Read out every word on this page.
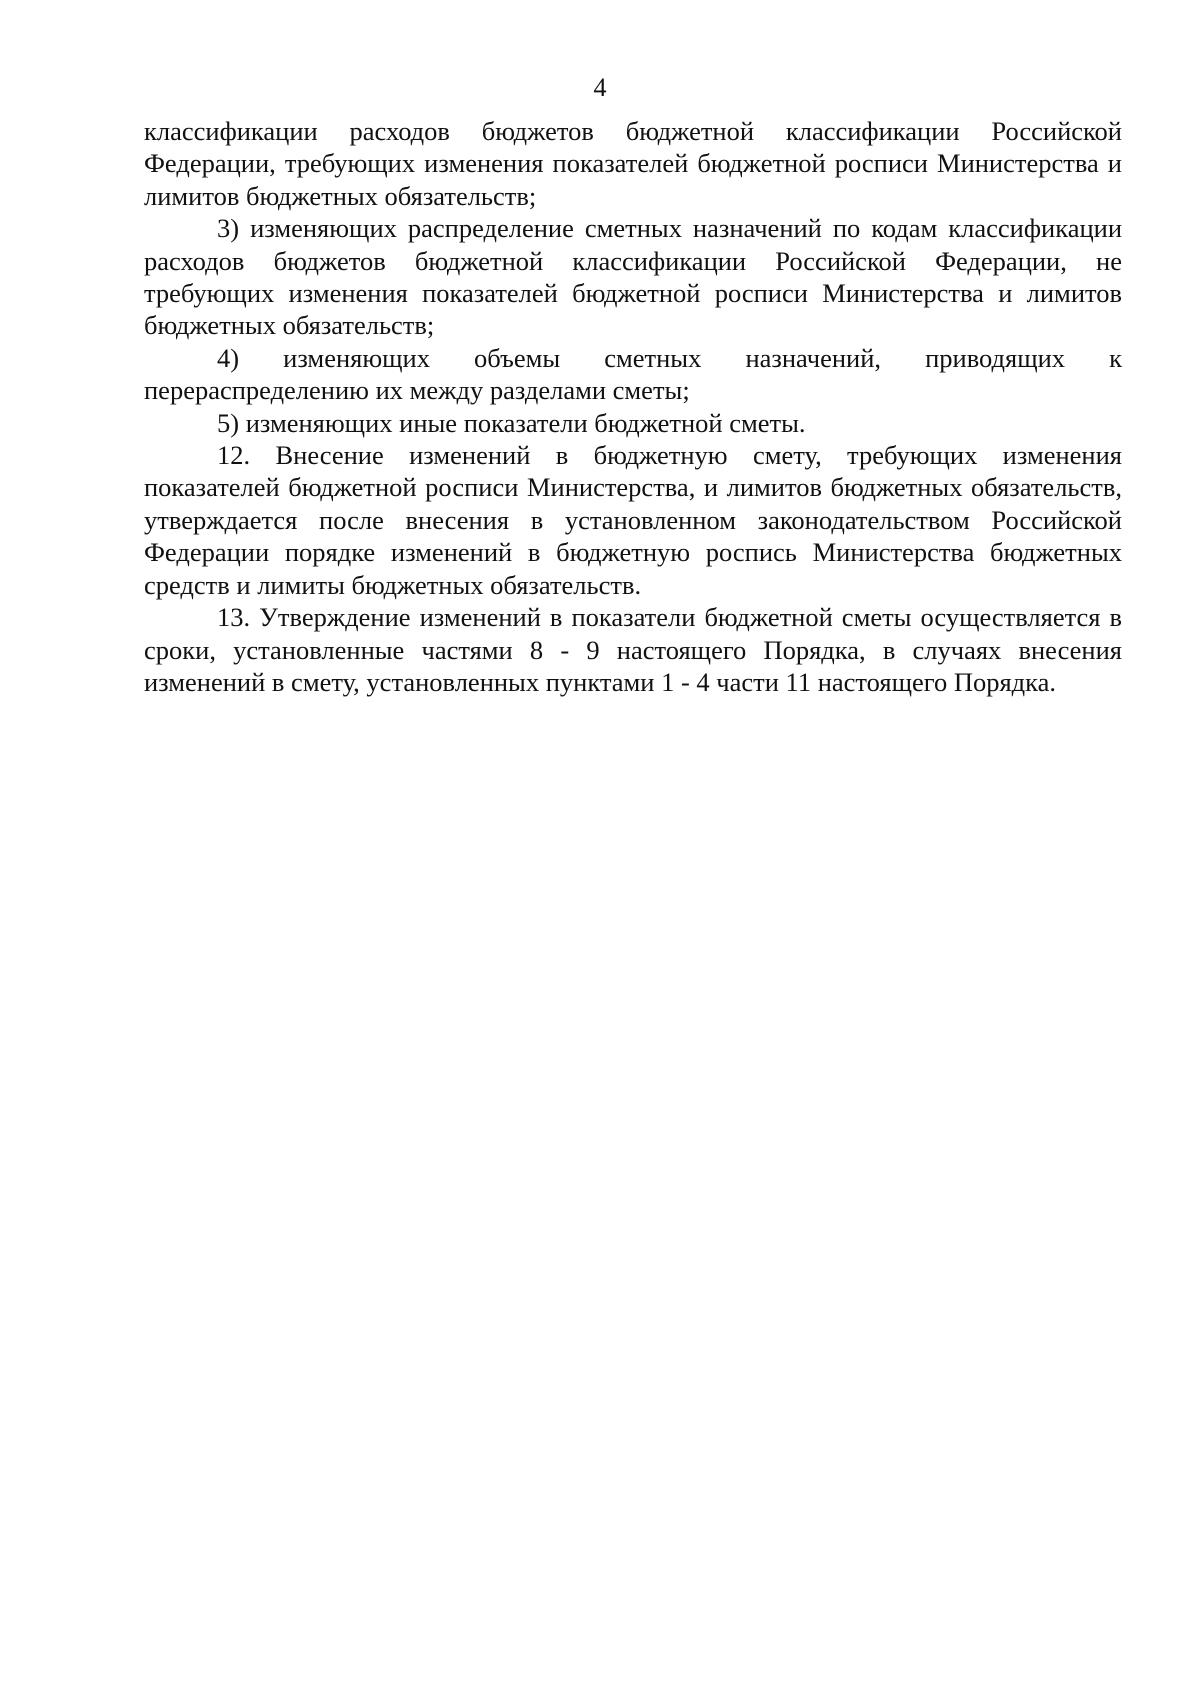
4

классификации расходов бюджетов бюджетной классификации Российской Федерации, требующих изменения показателей бюджетной росписи Министерства и лимитов бюджетных обязательств;

3) изменяющих распределение сметных назначений по кодам классификации расходов бюджетов бюджетной классификации Российской Федерации, не требующих изменения показателей бюджетной росписи Министерства и лимитов бюджетных обязательств;

4) изменяющих объемы сметных назначений, приводящих к перераспределению их между разделами сметы;

5) изменяющих иные показатели бюджетной сметы.

12. Внесение изменений в бюджетную смету, требующих изменения показателей бюджетной росписи Министерства, и лимитов бюджетных обязательств, утверждается после внесения в установленном законодательством Российской Федерации порядке изменений в бюджетную роспись Министерства бюджетных средств и лимиты бюджетных обязательств.

13. Утверждение изменений в показатели бюджетной сметы осуществляется в сроки, установленные частями 8 - 9 настоящего Порядка, в случаях внесения изменений в смету, установленных пунктами 1 - 4 части 11 настоящего Порядка.
